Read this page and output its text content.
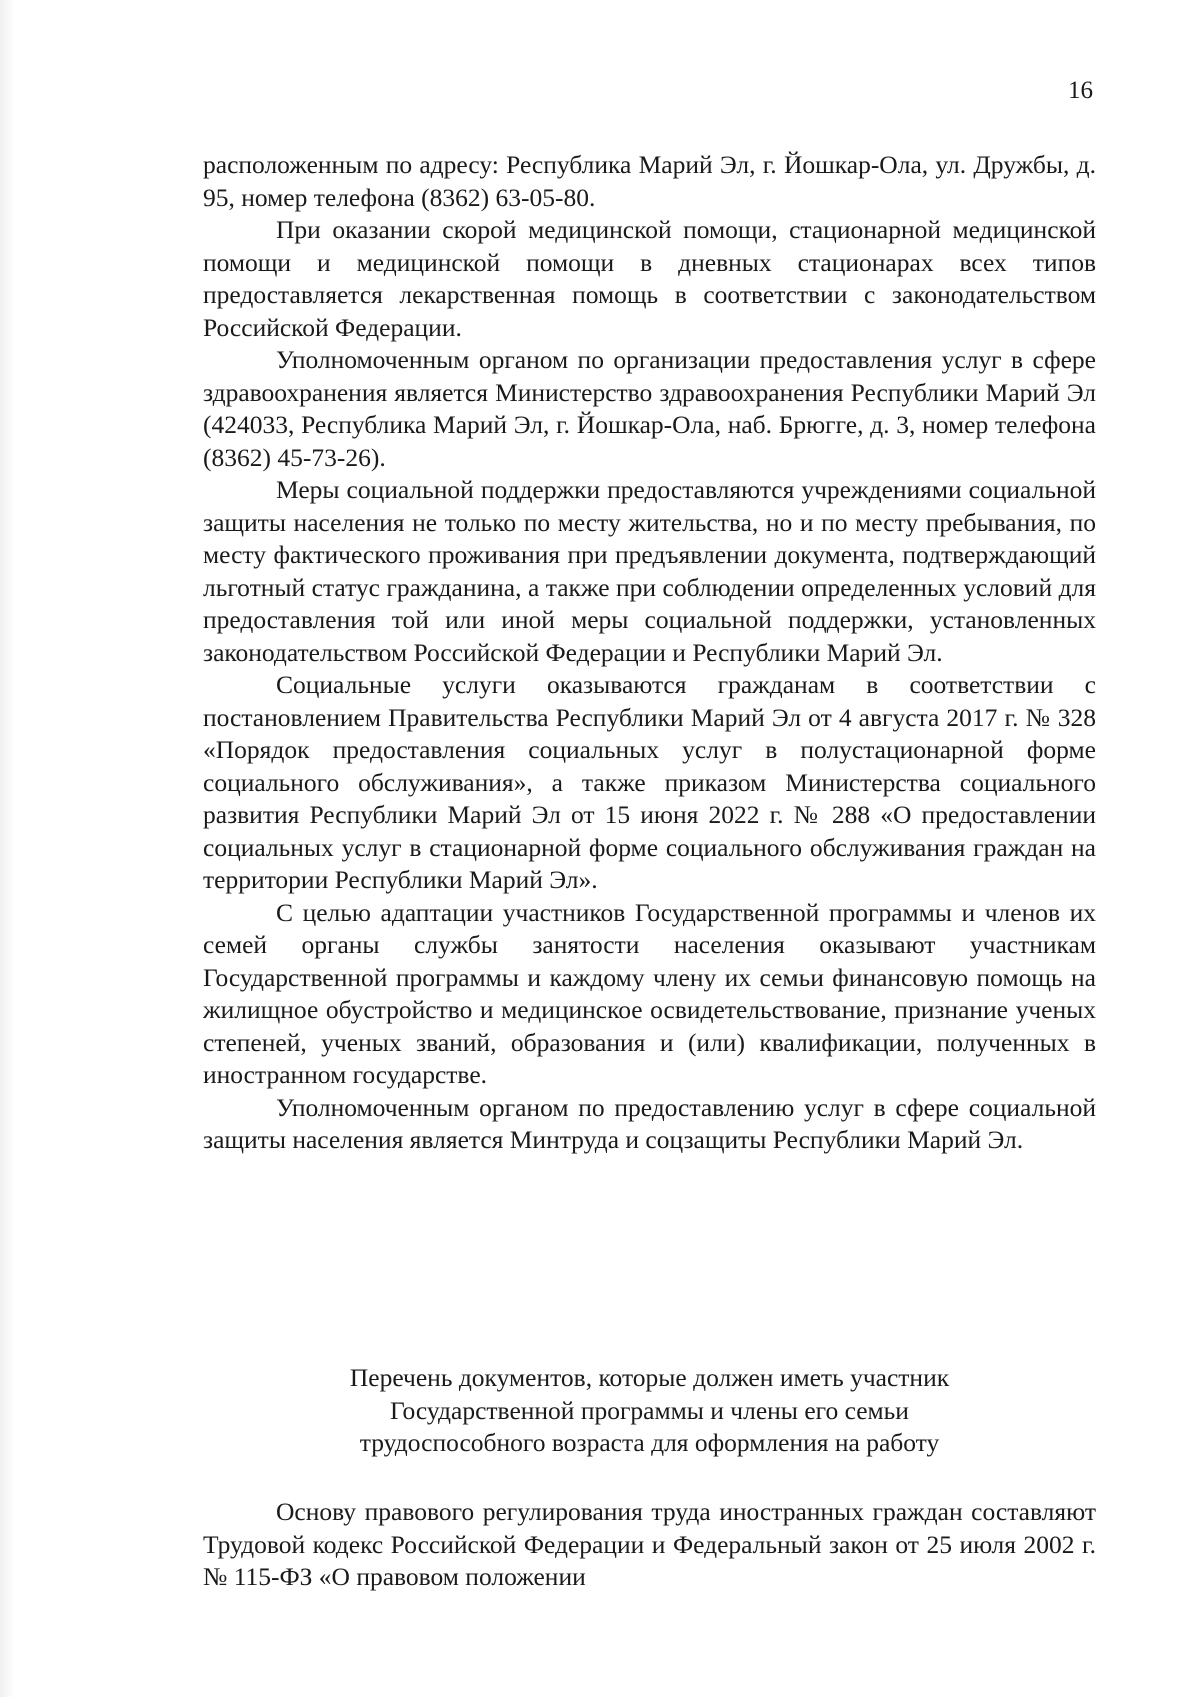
16

расположенным по адресу: Республика Марий Эл, г. Йошкар-Ола, ул. Дружбы, д. 95, номер телефона (8362) 63-05-80.

При оказании скорой медицинской помощи, стационарной медицинской помощи и медицинской помощи в дневных стационарах всех типов предоставляется лекарственная помощь в соответствии с законодательством Российской Федерации.

Уполномоченным органом по организации предоставления услуг в сфере здравоохранения является Министерство здравоохранения Республики Марий Эл (424033, Республика Марий Эл, г. Йошкар-Ола, наб. Брюгге, д. 3, номер телефона (8362) 45-73-26).

Меры социальной поддержки предоставляются учреждениями социальной защиты населения не только по месту жительства, но и по месту пребывания, по месту фактического проживания при предъявлении документа, подтверждающий льготный статус гражданина, а также при соблюдении определенных условий для предоставления той или иной меры социальной поддержки, установленных законодательством Российской Федерации и Республики Марий Эл.

Социальные услуги оказываются гражданам в соответствии с постановлением Правительства Республики Марий Эл от 4 августа 2017 г. № 328 «Порядок предоставления социальных услуг в полустационарной форме социального обслуживания», а также приказом Министерства социального развития Республики Марий Эл от 15 июня 2022 г. № 288 «О предоставлении социальных услуг в стационарной форме социального обслуживания граждан на территории Республики Марий Эл».

С целью адаптации участников Государственной программы и членов их семей органы службы занятости населения оказывают участникам Государственной программы и каждому члену их семьи финансовую помощь на жилищное обустройство и медицинское освидетельствование, признание ученых степеней, ученых званий, образования и (или) квалификации, полученных в иностранном государстве.

Уполномоченным органом по предоставлению услуг в сфере социальной защиты населения является Минтруда и соцзащиты Республики Марий Эл.

Перечень документов, которые должен иметь участник
Государственной программы и члены его семьи
трудоспособного возраста для оформления на работу

Основу правового регулирования труда иностранных граждан составляют Трудовой кодекс Российской Федерации и Федеральный закон от 25 июля 2002 г. № 115-ФЗ «О правовом положении
